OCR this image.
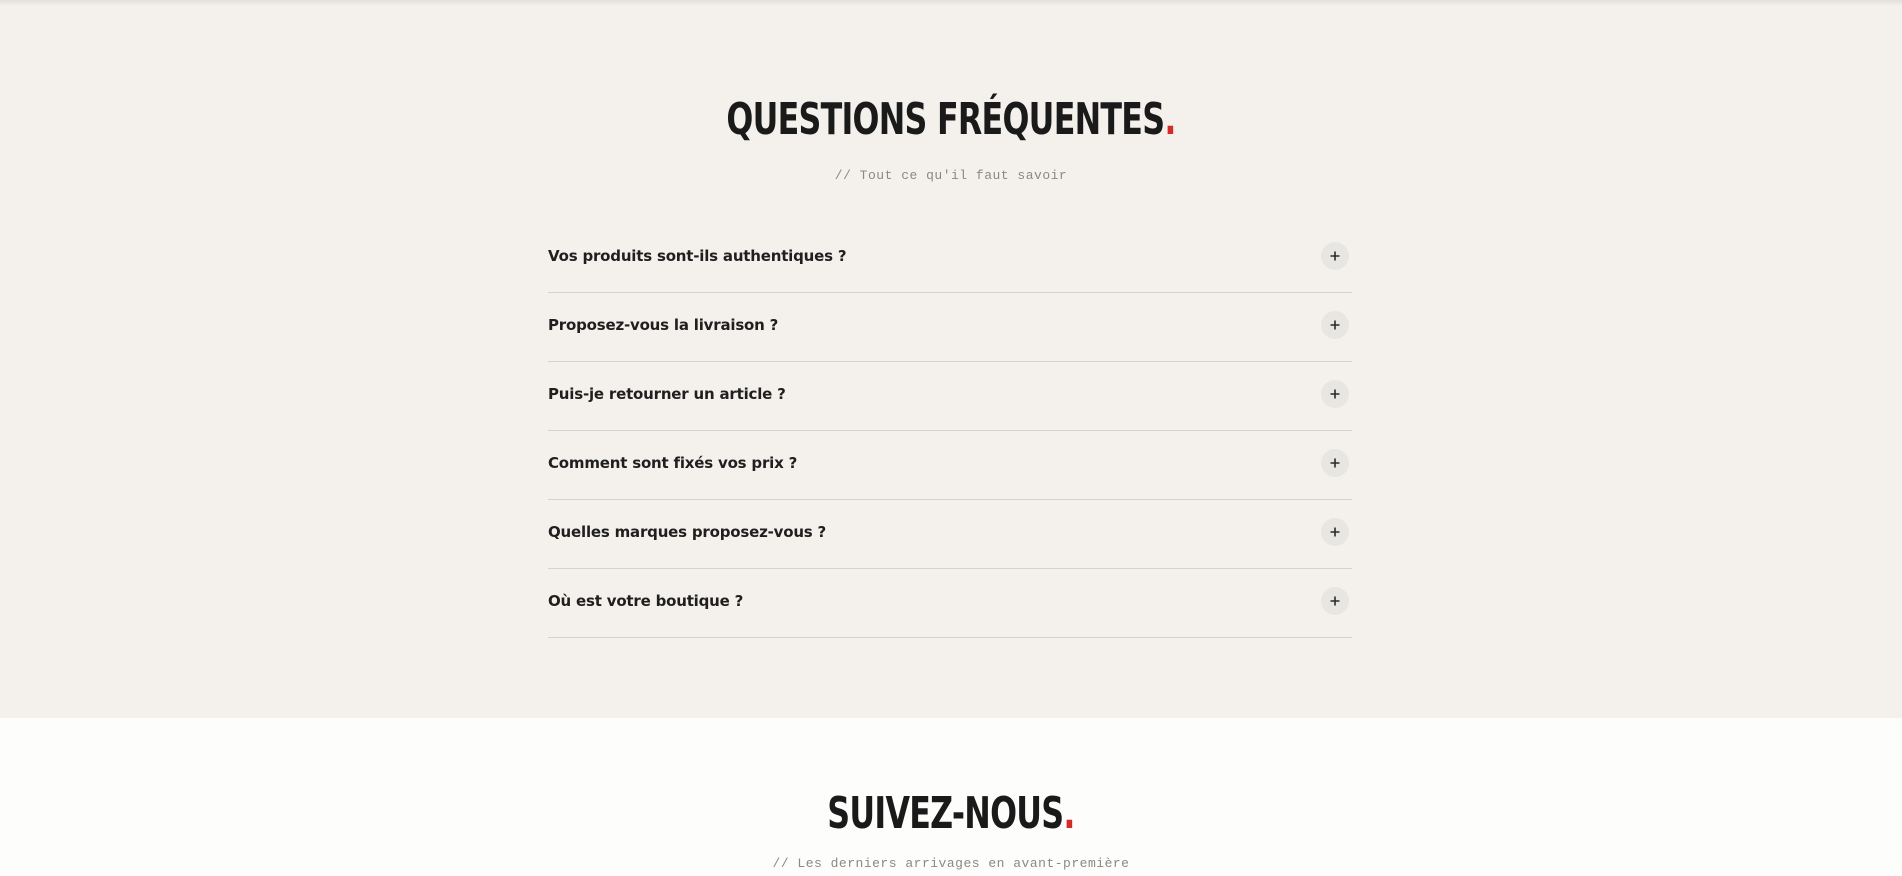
QUESTIONS FRÉQUENTES.

// Tout ce qu'il faut savoir

Vos produits sont-ils authentiques ?
Proposez-vous la livraison ?
Puis-je retourner un article ?
Comment sont fixés vos prix ?
Quelles marques proposez-vous ?
Où est votre boutique ?
SUIVEZ-NOUS.

// Les derniers arrivages en avant-première
